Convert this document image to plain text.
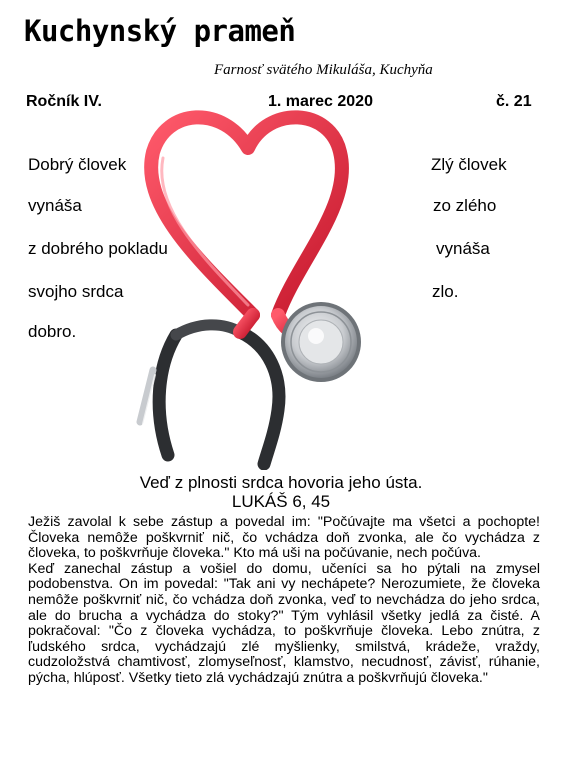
Kuchynský prameň
Farnosť svätého Mikuláša, Kuchyňa
Ročník IV.	1. marec 2020	č. 21
Dobrý človek
vynáša
z dobrého pokladu
svojho srdca
dobro.
Zlý človek
zo zlého
vynáša
zlo.
Veď z plnosti srdca hovoria jeho ústa.
LUKÁŠ 6, 45

Ježiš zavolal k sebe zástup a povedal im: "Počúvajte ma všetci a pochopte! Človeka nemôže poškvrniť nič, čo vchádza doň zvonka, ale čo vychádza z človeka, to poškvrňuje človeka." Kto má uši na počúvanie, nech počúva.

Keď zanechal zástup a vošiel do domu, učeníci sa ho pýtali na zmysel podobenstva. On im povedal: "Tak ani vy nechápete? Nerozumiete, že človeka nemôže poškvrniť nič, čo vchádza doň zvonka, veď to nevchádza do jeho srdca, ale do brucha a vychádza do stoky?" Tým vyhlásil všetky jedlá za čisté. A pokračoval: "Čo z človeka vychádza, to poškvrňuje človeka. Lebo znútra, z ľudského srdca, vychádzajú zlé myšlienky, smilstvá, krádeže, vraždy, cudzoložstvá chamtivosť, zlomyseľnosť, klamstvo, necudnosť, závisť, rúhanie, pýcha, hlúposť. Všetky tieto zlá vychádzajú znútra a poškvrňujú človeka."
